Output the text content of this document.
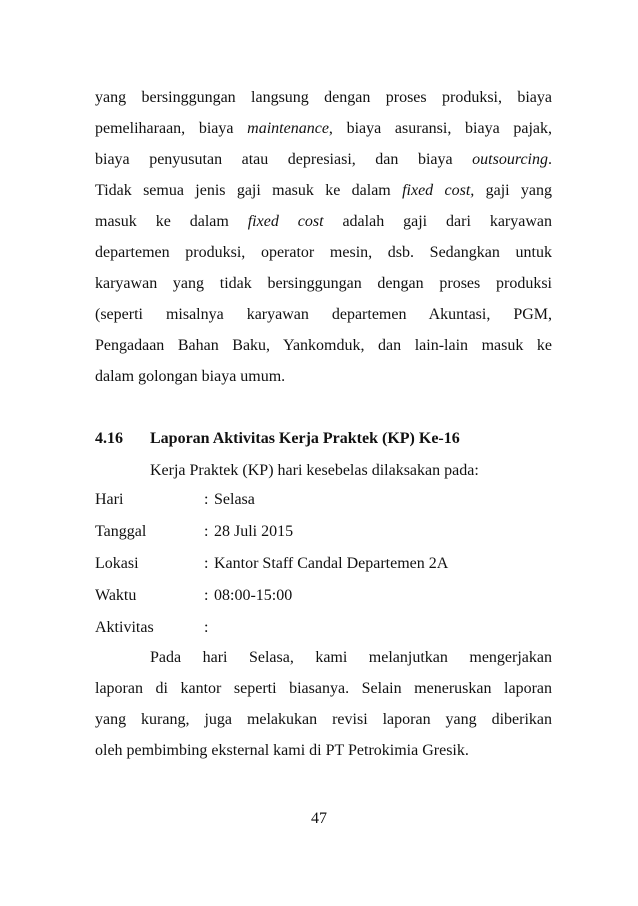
yang bersinggungan langsung dengan proses produksi, biaya
pemeliharaan, biaya maintenance, biaya asuransi, biaya pajak,
biaya penyusutan atau depresiasi, dan biaya outsourcing.
Tidak semua jenis gaji masuk ke dalam fixed cost, gaji yang
masuk ke dalam fixed cost adalah gaji dari karyawan
departemen produksi, operator mesin, dsb. Sedangkan untuk
karyawan yang tidak bersinggungan dengan proses produksi
(seperti misalnya karyawan departemen Akuntasi, PGM,
Pengadaan Bahan Baku, Yankomduk, dan lain-lain masuk ke
dalam golongan biaya umum.
4.16 Laporan Aktivitas Kerja Praktek (KP) Ke-16
Kerja Praktek (KP) hari kesebelas dilaksakan pada:
Hari	: Selasa
Tanggal	: 28 Juli 2015
Lokasi	: Kantor Staff Candal Departemen 2A
Waktu	: 08:00-15:00
Aktivitas	:
Pada hari Selasa, kami melanjutkan mengerjakan
laporan di kantor seperti biasanya. Selain meneruskan laporan
yang kurang, juga melakukan revisi laporan yang diberikan
oleh pembimbing eksternal kami di PT Petrokimia Gresik.
47
